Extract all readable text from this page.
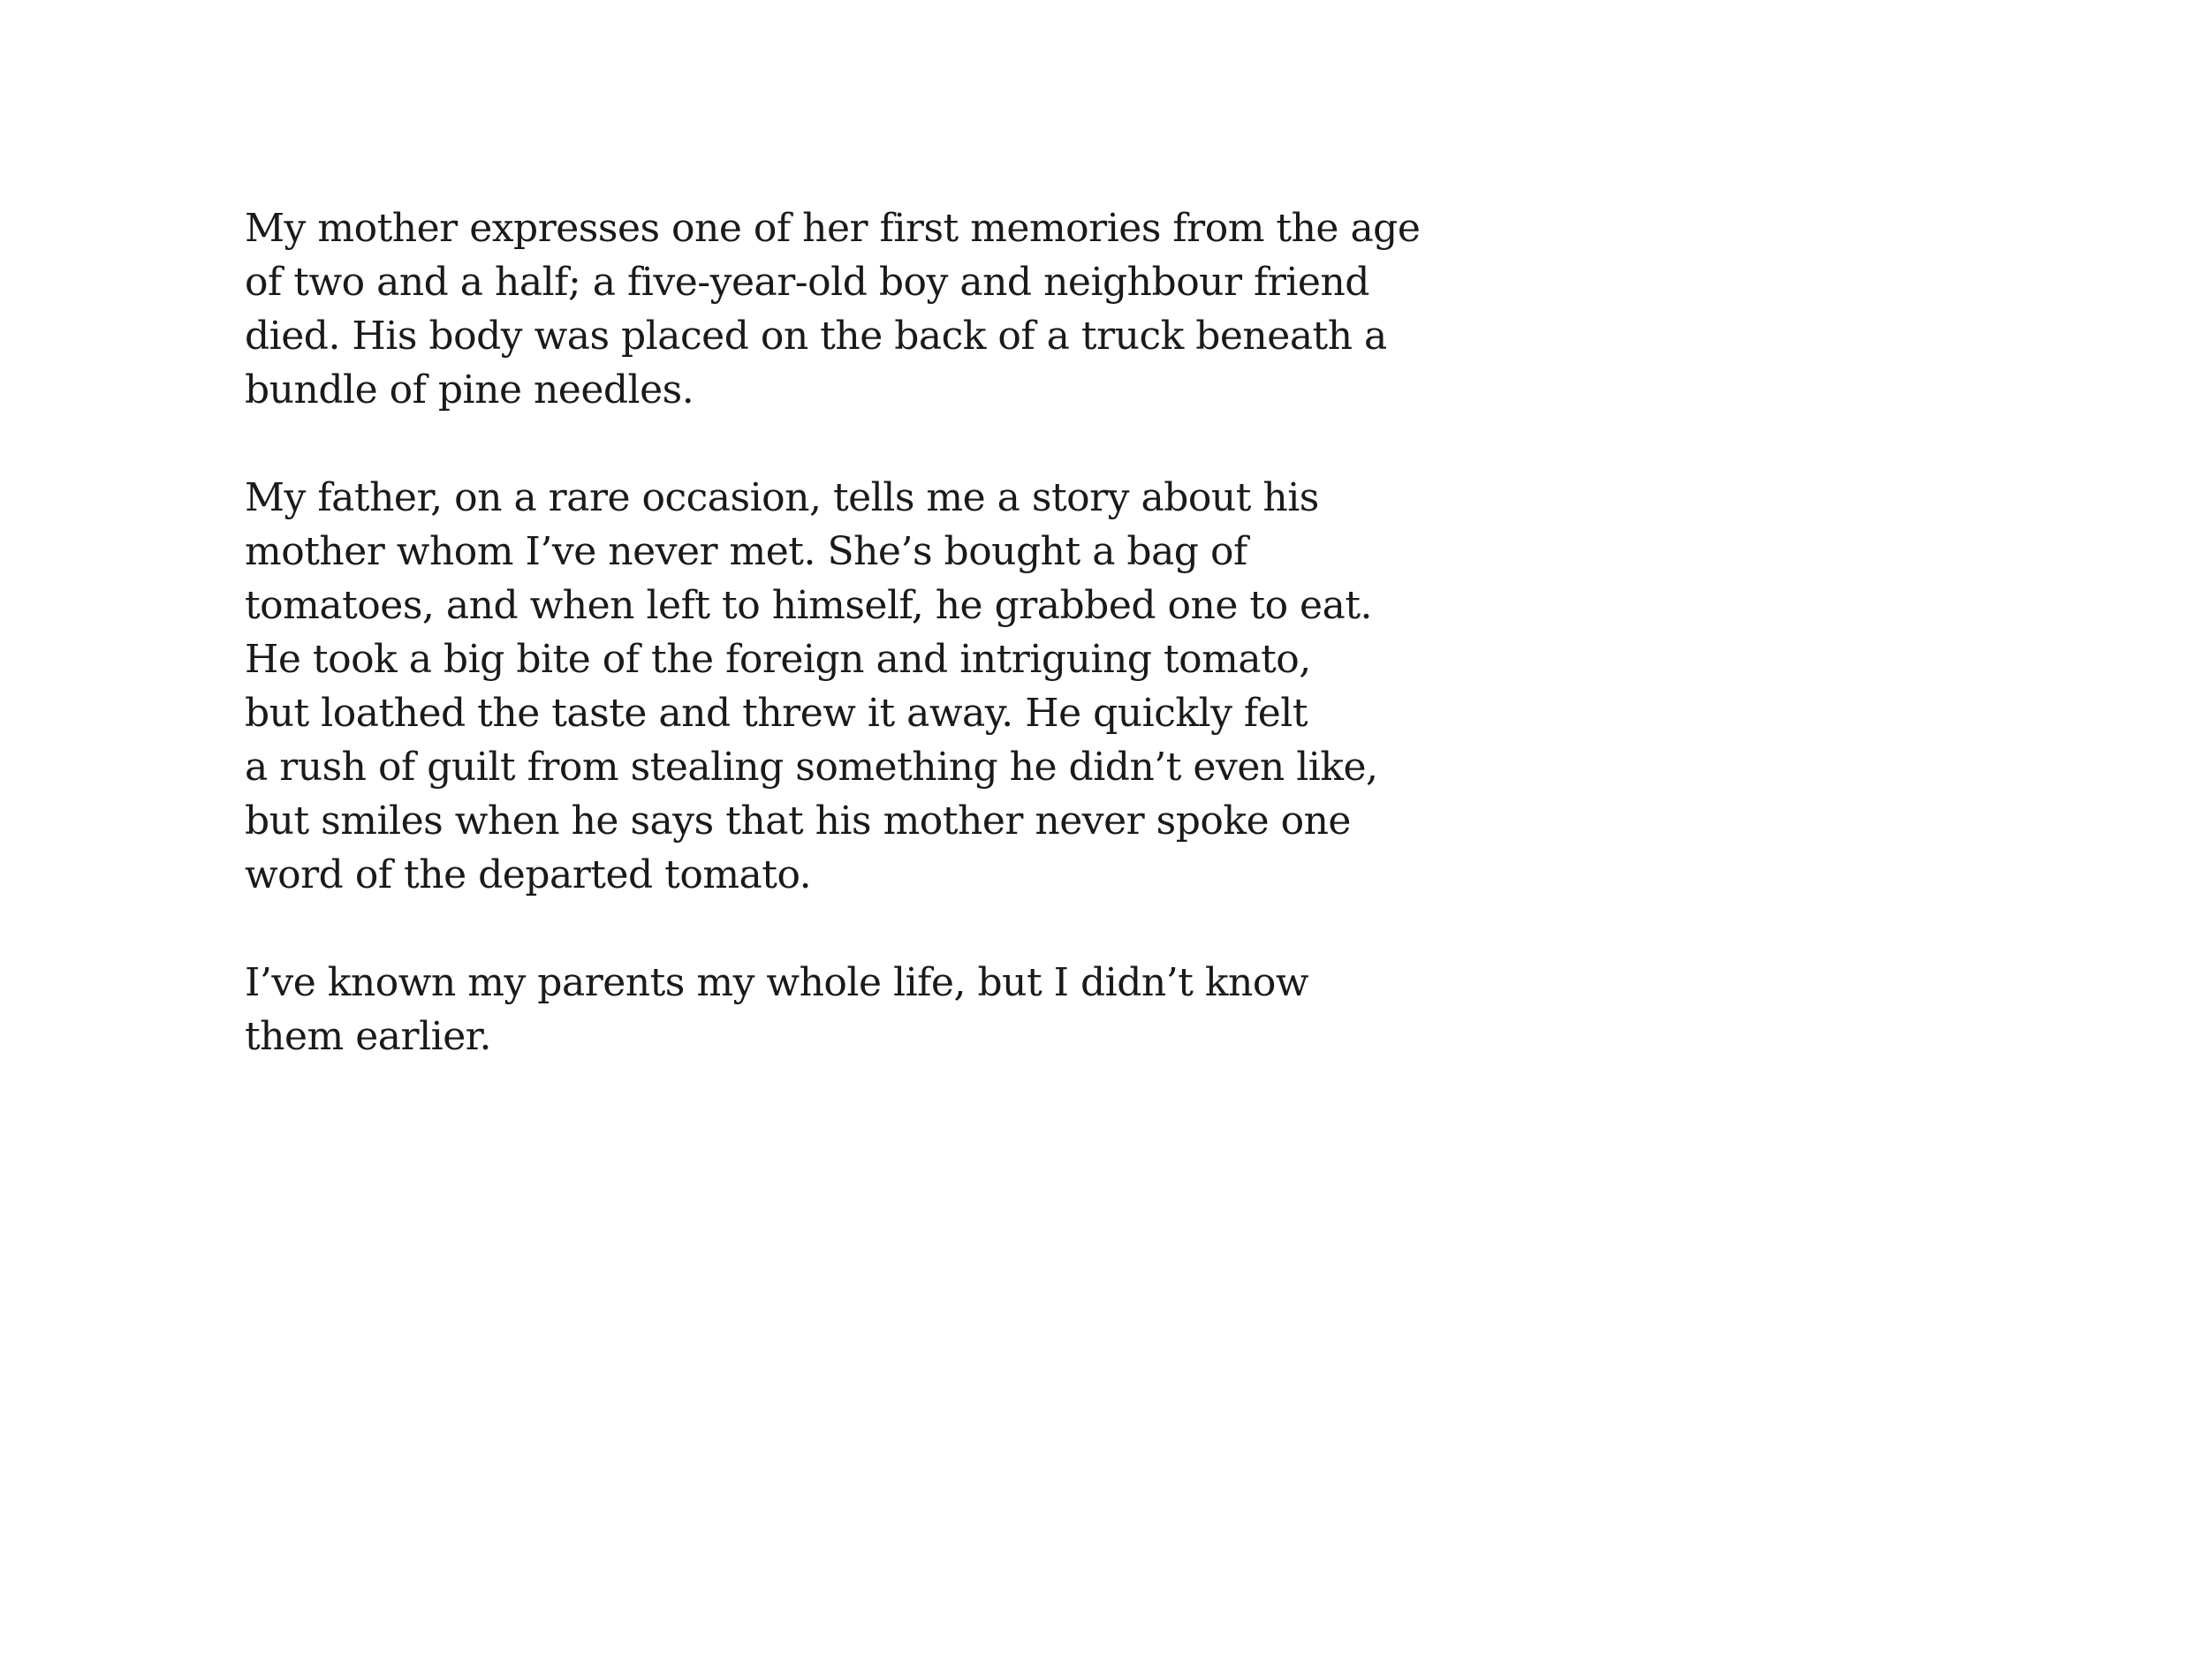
My mother expresses one of her first memories from the age
of two and a half; a five-year-old boy and neighbour friend
died. His body was placed on the back of a truck beneath a
bundle of pine needles.

My father, on a rare occasion, tells me a story about his
mother whom I’ve never met. She’s bought a bag of
tomatoes, and when left to himself, he grabbed one to eat.
He took a big bite of the foreign and intriguing tomato,
but loathed the taste and threw it away. He quickly felt
a rush of guilt from stealing something he didn’t even like,
but smiles when he says that his mother never spoke one
word of the departed tomato.

I’ve known my parents my whole life, but I didn’t know
them earlier.
